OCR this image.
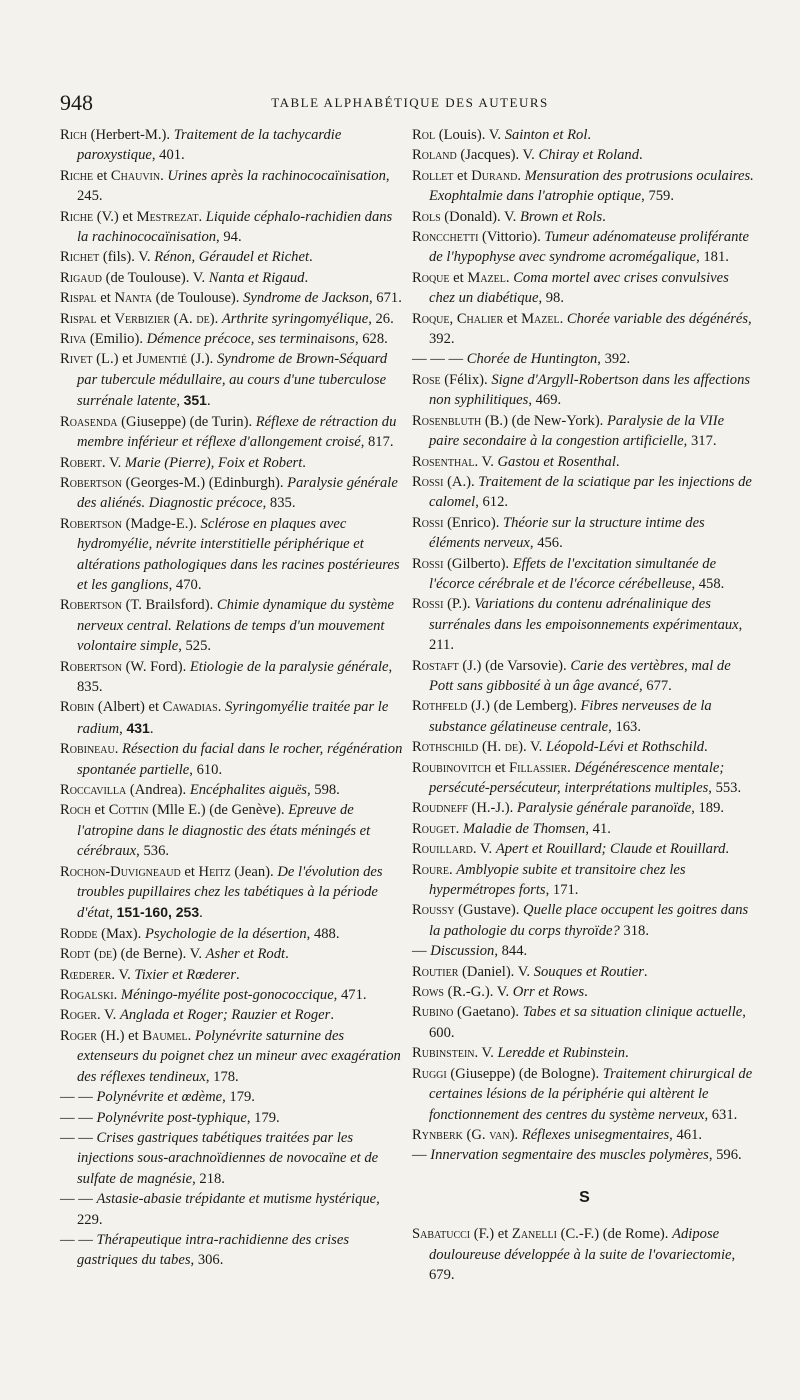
948	TABLE ALPHABÉTIQUE DES AUTEURS

Rich (Herbert-M.). Traitement de la tachycardie paroxystique, 401.

Riche et Chauvin. Urines après la rachinococaïnisation, 245.

Riche (V.) et Mestrezat. Liquide céphalo-rachidien dans la rachinococaïnisation, 94.

Richet (fils). V. Rénon, Géraudel et Richet.

Rigaud (de Toulouse). V. Nanta et Rigaud.

Rispal et Nanta (de Toulouse). Syndrome de Jackson, 671.

Rispal et Verbizier (A. de). Arthrite syringomyélique, 26.

Riva (Emilio). Démence précoce, ses terminaisons, 628.

Rivet (L.) et Jumentié (J.). Syndrome de Brown-Séquard par tubercule médullaire, au cours d'une tuberculose surrénale latente, 351.

Roasenda (Giuseppe) (de Turin). Réflexe de rétraction du membre inférieur et réflexe d'allongement croisé, 817.

Robert. V. Marie (Pierre), Foix et Robert.

Robertson (Georges-M.) (Edinburgh). Paralysie générale des aliénés. Diagnostic précoce, 835.

Robertson (Madge-E.). Sclérose en plaques avec hydromyélie, névrite interstitielle périphérique et altérations pathologiques dans les racines postérieures et les ganglions, 470.

Robertson (T. Brailsford). Chimie dynamique du système nerveux central. Relations de temps d'un mouvement volontaire simple, 525.

Robertson (W. Ford). Etiologie de la paralysie générale, 835.

Robin (Albert) et Cawadias. Syringomyélie traitée par le radium, 431.

Robineau. Résection du facial dans le rocher, régénération spontanée partielle, 610.

Roccavilla (Andrea). Encéphalites aiguës, 598.

Roch et Cottin (Mlle E.) (de Genève). Epreuve de l'atropine dans le diagnostic des états méningés et cérébraux, 536.

Rochon-Duvigneaud et Heitz (Jean). De l'évolution des troubles pupillaires chez les tabétiques à la période d'état, 151-160, 253.

Rodde (Max). Psychologie de la désertion, 488.

Rodt (de) (de Berne). V. Asher et Rodt.

Rœderer. V. Tixier et Rœderer.

Rogalski. Méningo-myélite post-gonococcique, 471.

Roger. V. Anglada et Roger; Rauzier et Roger.

Roger (H.) et Baumel. Polynévrite saturnine des extenseurs du poignet chez un mineur avec exagération des réflexes tendineux, 178.

— — Polynévrite et œdème, 179.

— — Polynévrite post-typhique, 179.

— — Crises gastriques tabétiques traitées par les injections sous-arachnoïdiennes de novocaïne et de sulfate de magnésie, 218.

— — Astasie-abasie trépidante et mutisme hystérique, 229.

— — Thérapeutique intra-rachidienne des crises gastriques du tabes, 306.

Rol (Louis). V. Sainton et Rol.

Roland (Jacques). V. Chiray et Roland.

Rollet et Durand. Mensuration des protrusions oculaires. Exophtalmie dans l'atrophie optique, 759.

Rols (Donald). V. Brown et Rols.

Roncchetti (Vittorio). Tumeur adénomateuse proliférante de l'hypophyse avec syndrome acromégalique, 181.

Roque et Mazel. Coma mortel avec crises convulsives chez un diabétique, 98.

Roque, Chalier et Mazel. Chorée variable des dégénérés, 392.

— — — Chorée de Huntington, 392.

Rose (Félix). Signe d'Argyll-Robertson dans les affections non syphilitiques, 469.

Rosenbluth (B.) (de New-York). Paralysie de la VIIe paire secondaire à la congestion artificielle, 317.

Rosenthal. V. Gastou et Rosenthal.

Rossi (A.). Traitement de la sciatique par les injections de calomel, 612.

Rossi (Enrico). Théorie sur la structure intime des éléments nerveux, 456.

Rossi (Gilberto). Effets de l'excitation simultanée de l'écorce cérébrale et de l'écorce cérébelleuse, 458.

Rossi (P.). Variations du contenu adrénalinique des surrénales dans les empoisonnements expérimentaux, 211.

Rostafт (J.) (de Varsovie). Carie des vertèbres, mal de Pott sans gibbosité à un âge avancé, 677.

Rothfeld (J.) (de Lemberg). Fibres nerveuses de la substance gélatineuse centrale, 163.

Rothschild (H. de). V. Léopold-Lévi et Rothschild.

Roubinovitch et Fillassier. Dégénérescence mentale; persécuté-persécuteur, interprétations multiples, 553.

Roudneff (H.-J.). Paralysie générale paranoïde, 189.

Rouget. Maladie de Thomsen, 41.

Rouillard. V. Apert et Rouillard; Claude et Rouillard.

Roure. Amblyopie subite et transitoire chez les hypermétropes forts, 171.

Roussy (Gustave). Quelle place occupent les goitres dans la pathologie du corps thyroïde? 318.

— Discussion, 844.

Routier (Daniel). V. Souques et Routier.

Rows (R.-G.). V. Orr et Rows.

Rubino (Gaetano). Tabes et sa situation clinique actuelle, 600.

Rubinstein. V. Leredde et Rubinstein.

Ruggi (Giuseppe) (de Bologne). Traitement chirurgical de certaines lésions de la périphérie qui altèrent le fonctionnement des centres du système nerveux, 631.

Rynberk (G. van). Réflexes unisegmentaires, 461.

— Innervation segmentaire des muscles polymères, 596.

S

Sabatucci (F.) et Zanelli (C.-F.) (de Rome). Adipose douloureuse développée à la suite de l'ovariectomie, 679.
